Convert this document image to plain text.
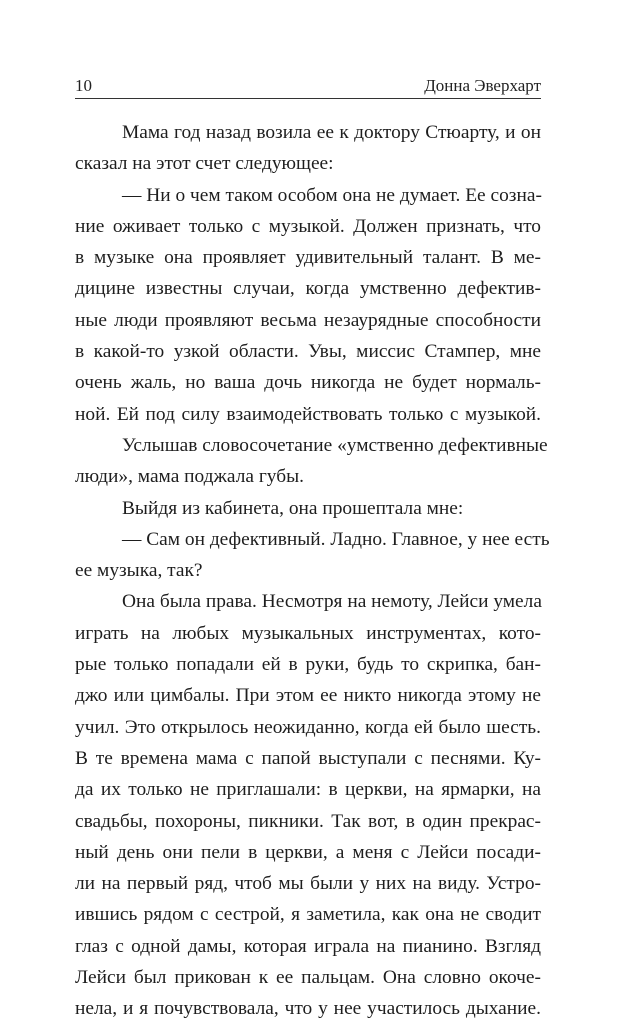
10	Донна Эверхарт
Мама год назад возила ее к доктору Стюарту, и он
сказал на этот счет следующее:
— Ни о чем таком особом она не думает. Ее созна-
ние оживает только с музыкой. Должен признать, что
в музыке она проявляет удивительный талант. В ме-
дицине известны случаи, когда умственно дефектив-
ные люди проявляют весьма незаурядные способности
в какой-то узкой области. Увы, миссис Стампер, мне
очень жаль, но ваша дочь никогда не будет нормаль-
ной. Ей под силу взаимодействовать только с музыкой.
Услышав словосочетание «умственно дефективные
люди», мама поджала губы.
Выйдя из кабинета, она прошептала мне:
— Сам он дефективный. Ладно. Главное, у нее есть
ее музыка, так?
Она была права. Несмотря на немоту, Лейси умела
играть на любых музыкальных инструментах, кото-
рые только попадали ей в руки, будь то скрипка, бан-
джо или цимбалы. При этом ее никто никогда этому не
учил. Это открылось неожиданно, когда ей было шесть.
В те времена мама с папой выступали с песнями. Ку-
да их только не приглашали: в церкви, на ярмарки, на
свадьбы, похороны, пикники. Так вот, в один прекрас-
ный день они пели в церкви, а меня с Лейси посади-
ли на первый ряд, чтоб мы были у них на виду. Устро-
ившись рядом с сестрой, я заметила, как она не сводит
глаз с одной дамы, которая играла на пианино. Взгляд
Лейси был прикован к ее пальцам. Она словно окоче-
нела, и я почувствовала, что у нее участилось дыхание.
